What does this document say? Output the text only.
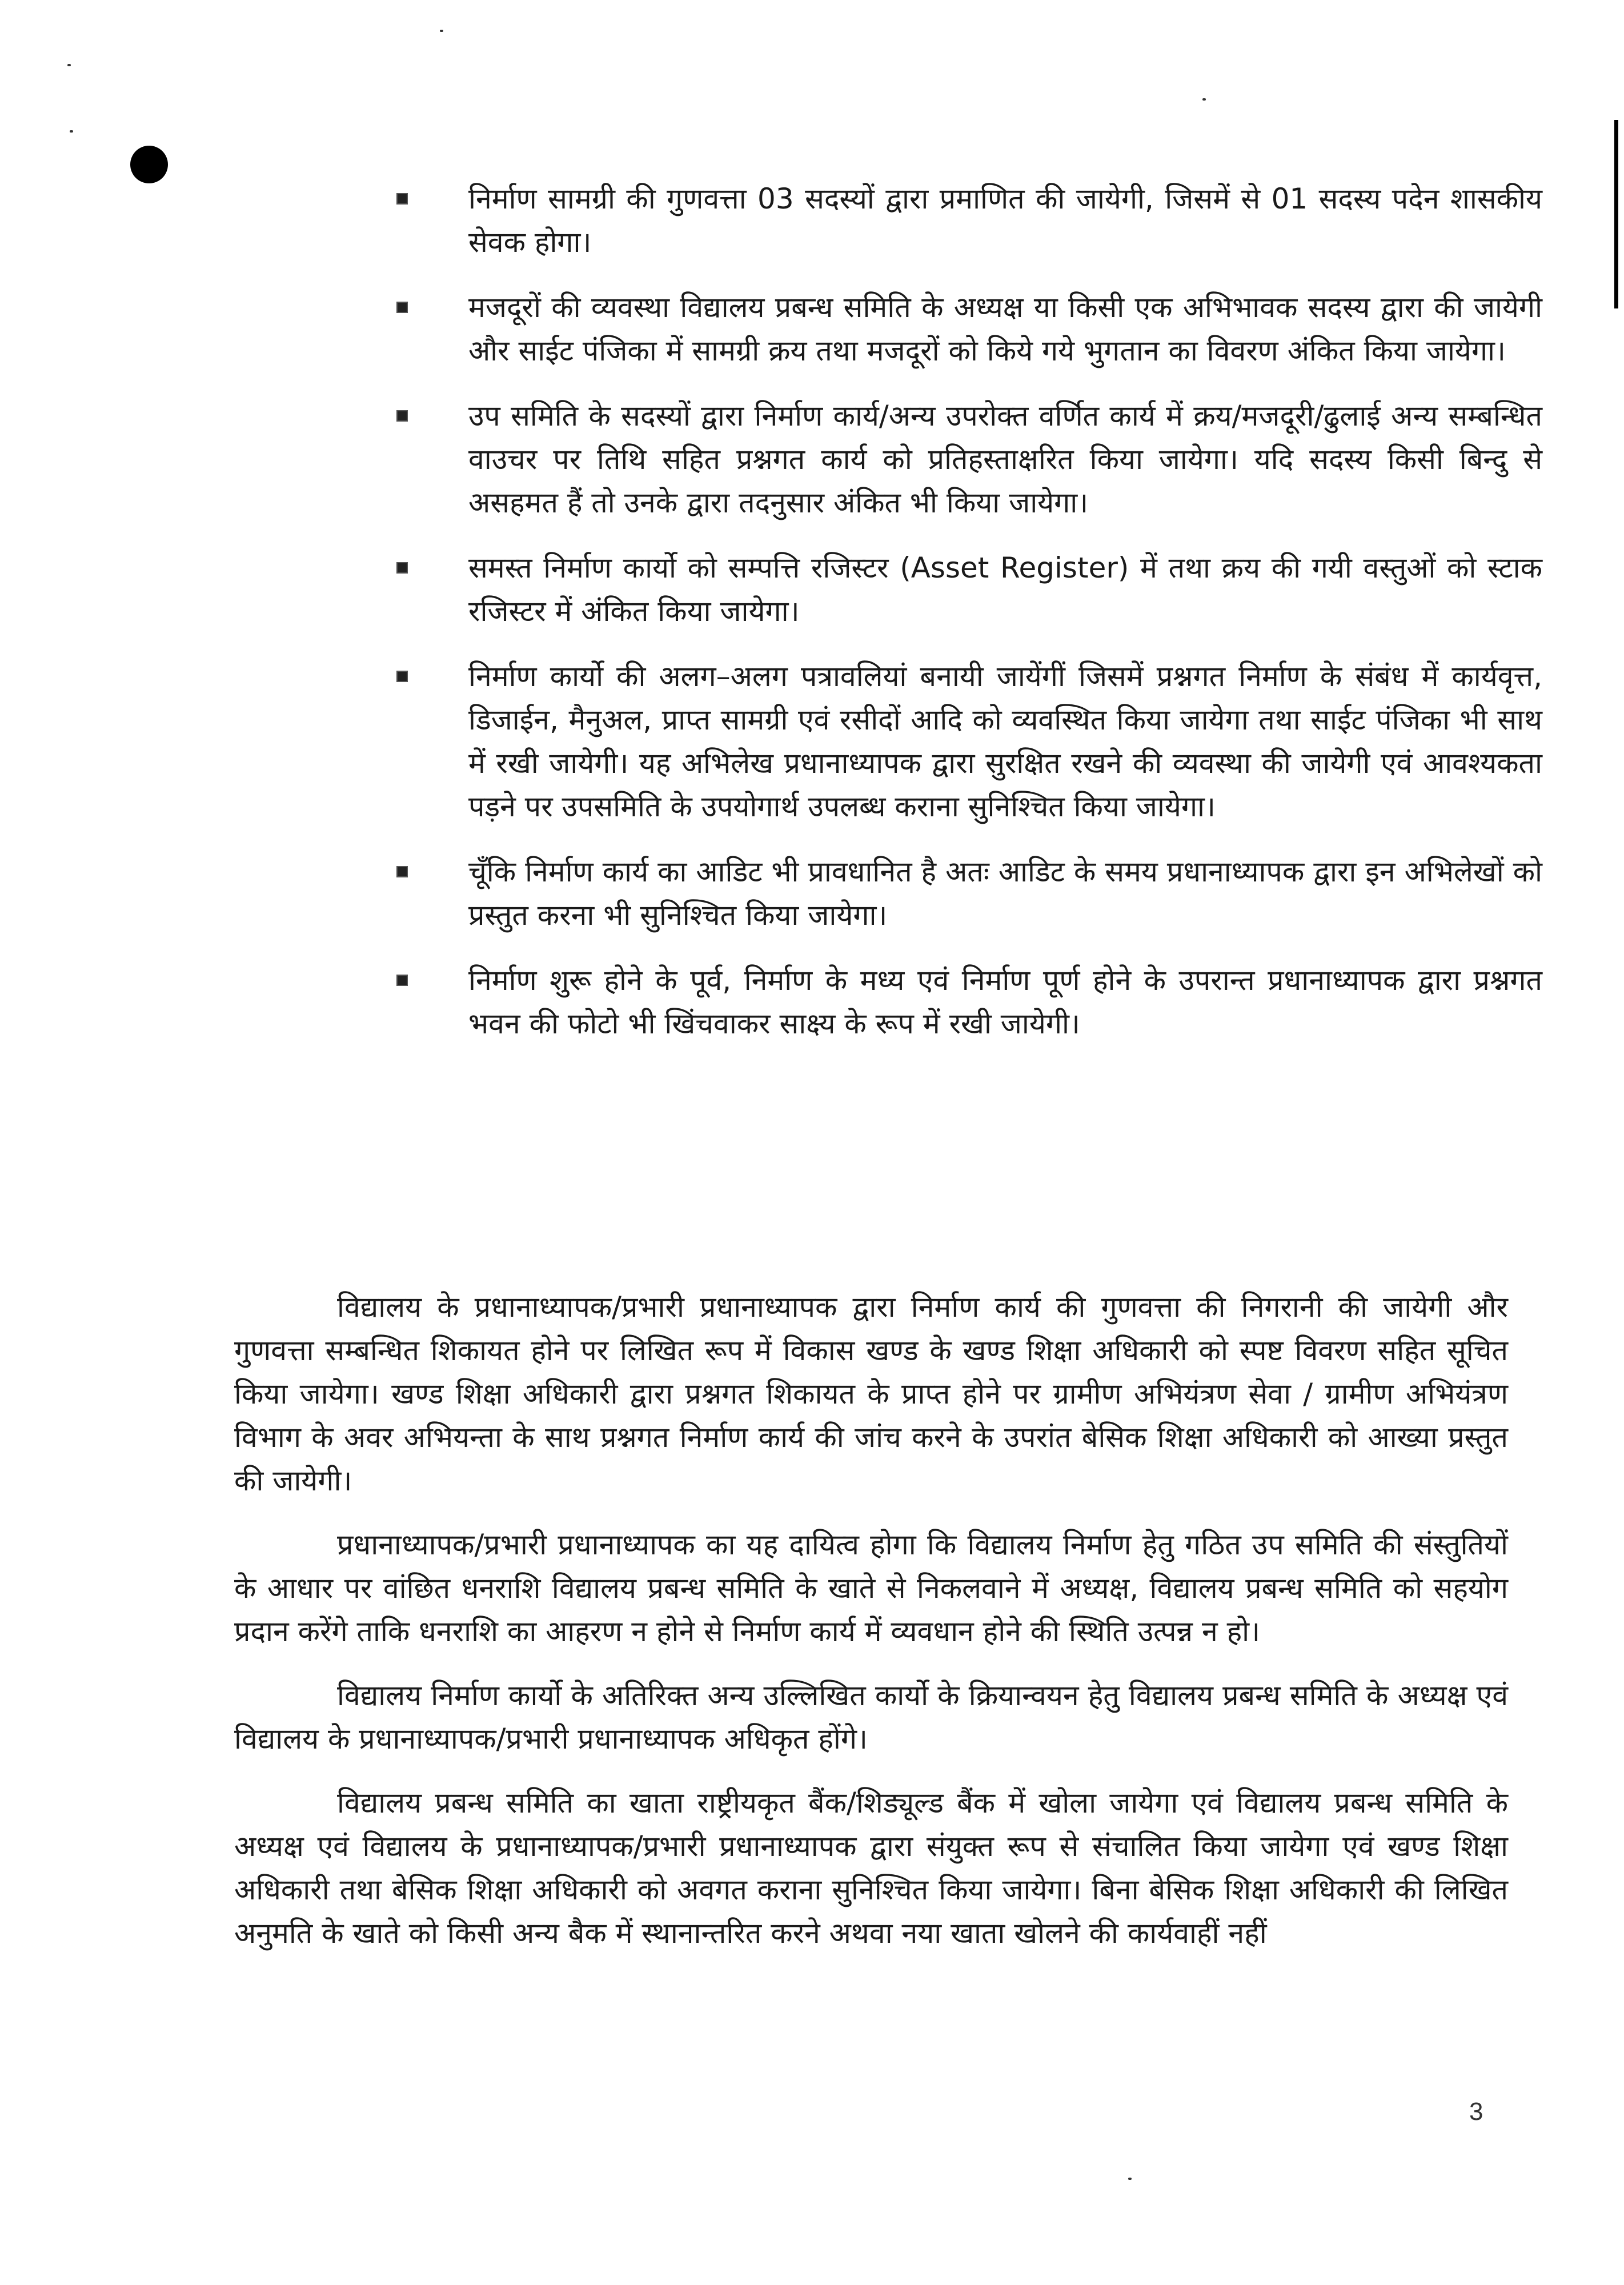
निर्माण सामग्री की गुणवत्ता 03 सदस्यों द्वारा प्रमाणित की जायेगी, जिसमें से 01 सदस्य पदेन शासकीय सेवक होगा।
मजदूरों की व्यवस्था विद्यालय प्रबन्ध समिति के अध्यक्ष या किसी एक अभिभावक सदस्य द्वारा की जायेगी और साईट पंजिका में सामग्री क्रय तथा मजदूरों को किये गये भुगतान का विवरण अंकित किया जायेगा।
उप समिति के सदस्यों द्वारा निर्माण कार्य/अन्य उपरोक्त वर्णित कार्य में क्रय/मजदूरी/ढुलाई अन्य सम्बन्धित वाउचर पर तिथि सहित प्रश्नगत कार्य को प्रतिहस्ताक्षरित किया जायेगा। यदि सदस्य किसी बिन्दु से असहमत हैं तो उनके द्वारा तदनुसार अंकित भी किया जायेगा।
समस्त निर्माण कार्यो को सम्पत्ति रजिस्टर (Asset Register) में तथा क्रय की गयी वस्तुओं को स्टाक रजिस्टर में अंकित किया जायेगा।
निर्माण कार्यो की अलग–अलग पत्रावलियां बनायी जायेंगीं जिसमें प्रश्नगत निर्माण के संबंध में कार्यवृत्त, डिजाईन, मैनुअल, प्राप्त सामग्री एवं रसीदों आदि को व्यवस्थित किया जायेगा तथा साईट पंजिका भी साथ में रखी जायेगी। यह अभिलेख प्रधानाध्यापक द्वारा सुरक्षित रखने की व्यवस्था की जायेगी एवं आवश्यकता पड़ने पर उपसमिति के उपयोगार्थ उपलब्ध कराना सुनिश्चित किया जायेगा।
चूँकि निर्माण कार्य का आडिट भी प्रावधानित है अतः आडिट के समय प्रधानाध्यापक द्वारा इन अभिलेखों को प्रस्तुत करना भी सुनिश्चित किया जायेगा।
निर्माण शुरू होने के पूर्व, निर्माण के मध्य एवं निर्माण पूर्ण होने के उपरान्त प्रधानाध्यापक द्वारा प्रश्नगत भवन की फोटो भी खिंचवाकर साक्ष्य के रूप में रखी जायेगी।

विद्यालय के प्रधानाध्यापक/प्रभारी प्रधानाध्यापक द्वारा निर्माण कार्य की गुणवत्ता की निगरानी की जायेगी और गुणवत्ता सम्बन्धित शिकायत होने पर लिखित रूप में विकास खण्ड के खण्ड शिक्षा अधिकारी को स्पष्ट विवरण सहित सूचित किया जायेगा। खण्ड शिक्षा अधिकारी द्वारा प्रश्नगत शिकायत के प्राप्त होने पर ग्रामीण अभियंत्रण सेवा / ग्रामीण अभियंत्रण विभाग के अवर अभियन्ता के साथ प्रश्नगत निर्माण कार्य की जांच करने के उपरांत बेसिक शिक्षा अधिकारी को आख्या प्रस्तुत की जायेगी।

प्रधानाध्यापक/प्रभारी प्रधानाध्यापक का यह दायित्व होगा कि विद्यालय निर्माण हेतु गठित उप समिति की संस्तुतियों के आधार पर वांछित धनराशि विद्यालय प्रबन्ध समिति के खाते से निकलवाने में अध्यक्ष, विद्यालय प्रबन्ध समिति को सहयोग प्रदान करेंगे ताकि धनराशि का आहरण न होने से निर्माण कार्य में व्यवधान होने की स्थिति उत्पन्न न हो।

विद्यालय निर्माण कार्यो के अतिरिक्त अन्य उल्लिखित कार्यो के क्रियान्वयन हेतु विद्यालय प्रबन्ध समिति के अध्यक्ष एवं विद्यालय के प्रधानाध्यापक/प्रभारी प्रधानाध्यापक अधिकृत होंगे।

विद्यालय प्रबन्ध समिति का खाता राष्ट्रीयकृत बैंक/शिड्यूल्ड बैंक में खोला जायेगा एवं विद्यालय प्रबन्ध समिति के अध्यक्ष एवं विद्यालय के प्रधानाध्यापक/प्रभारी प्रधानाध्यापक द्वारा संयुक्त रूप से संचालित किया जायेगा एवं खण्ड शिक्षा अधिकारी तथा बेसिक शिक्षा अधिकारी को अवगत कराना सुनिश्चित किया जायेगा। बिना बेसिक शिक्षा अधिकारी की लिखित अनुमति के खाते को किसी अन्य बैक में स्थानान्तरित करने अथवा नया खाता खोलने की कार्यवाहीं नहीं

3
